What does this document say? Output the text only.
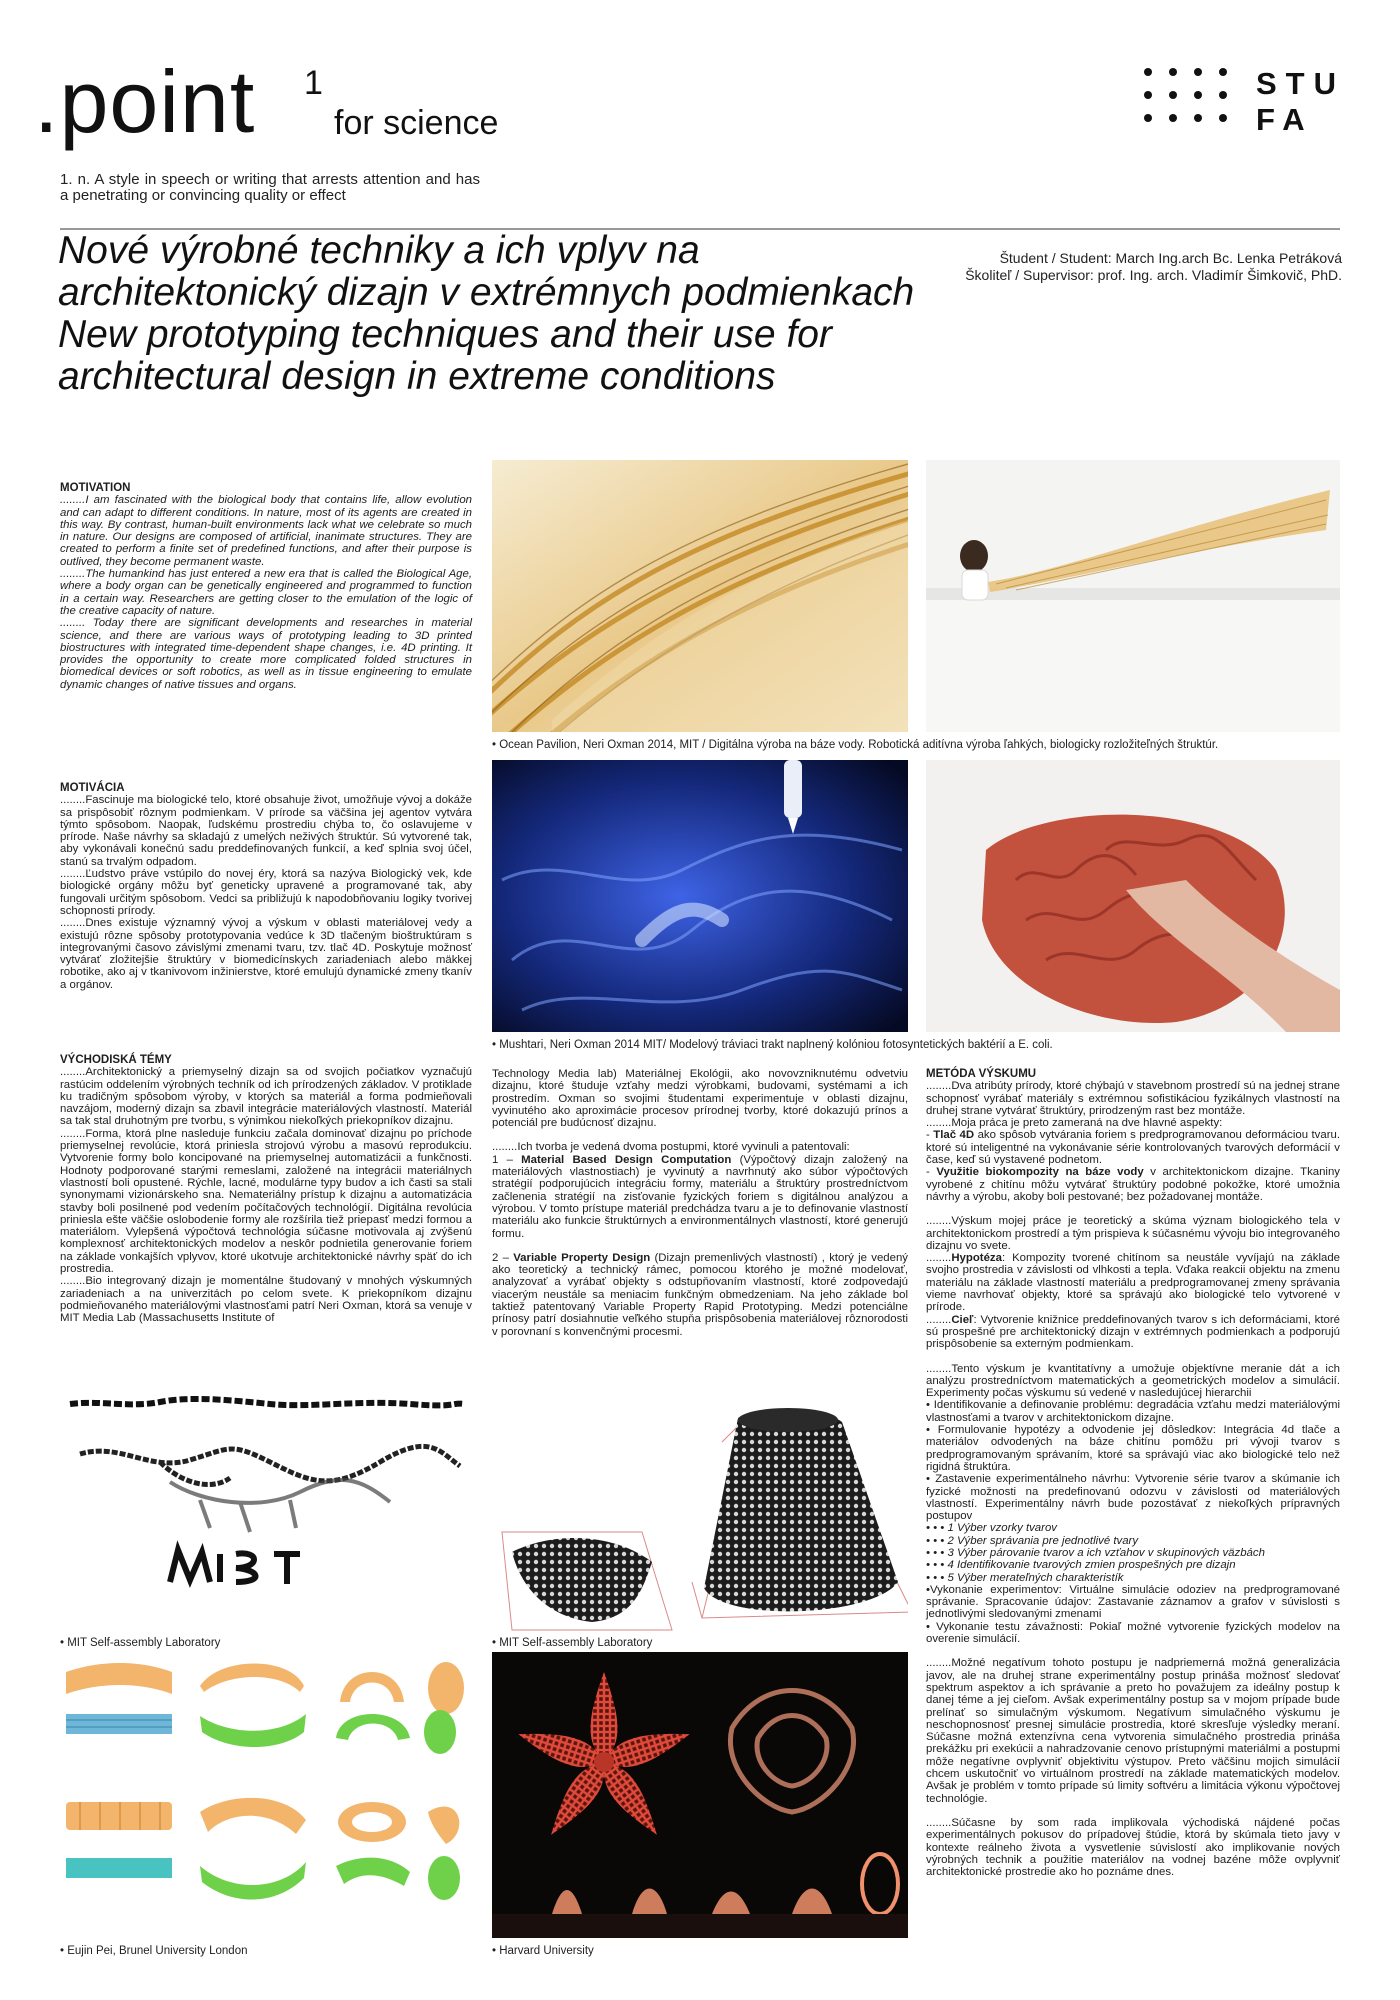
.point 1
for science
1. n. A style in speech or writing that arrests attention and has a penetrating or convincing quality or effect
STU
FA

Nové výrobné techniky a ich vplyv na architektonický dizajn v extrémnych podmienkach

New prototyping techniques and their use for architectural design in extreme conditions

Študent / Student: March Ing.arch Bc. Lenka Petráková
Školiteľ / Supervisor: prof. Ing. arch. Vladimír Šimkovič, PhD.

MOTIVATION

........I am fascinated with the biological body that contains life, allow evolution and can adapt to different conditions. In nature, most of its agents are created in this way. By contrast, human-built environments lack what we celebrate so much in nature. Our designs are composed of artificial, inanimate structures. They are created to perform a finite set of predefined functions, and after their purpose is outlived, they become permanent waste.

........The humankind has just entered a new era that is called the Biological Age, where a body organ can be genetically engineered and programmed to function in a certain way. Researchers are getting closer to the emulation of the logic of the creative capacity of nature.

........ Today there are significant developments and researches in material science, and there are various ways of prototyping leading to 3D printed biostructures with integrated time-dependent shape changes, i.e. 4D printing. It provides the opportunity to create more complicated folded structures in biomedical devices or soft robotics, as well as in tissue engineering to emulate dynamic changes of native tissues and organs.

MOTIVÁCIA

........Fascinuje ma biologické telo, ktoré obsahuje život, umožňuje vývoj a dokáže sa prispôsobiť rôznym podmienkam. V prírode sa väčšina jej agentov vytvára týmto spôsobom. Naopak, ľudskému prostrediu chýba to, čo oslavujeme v prírode. Naše návrhy sa skladajú z umelých neživých štruktúr. Sú vytvorené tak, aby vykonávali konečnú sadu preddefinovaných funkcií, a keď splnia svoj účel, stanú sa trvalým odpadom.

........Ľudstvo práve vstúpilo do novej éry, ktorá sa nazýva Biologický vek, kde biologické orgány môžu byť geneticky upravené a programované tak, aby fungovali určitým spôsobom. Vedci sa približujú k napodobňovaniu logiky tvorivej schopnosti prírody.

........Dnes existuje významný vývoj a výskum v oblasti materiálovej vedy a existujú rôzne spôsoby prototypovania vedúce k 3D tlačeným bioštruktúram s integrovanými časovo závislými zmenami tvaru, tzv. tlač 4D. Poskytuje možnosť vytvárať zložitejšie štruktúry v biomedicínskych zariadeniach alebo mäkkej robotike, ako aj v tkanivovom inžinierstve, ktoré emulujú dynamické zmeny tkanív a orgánov.

• Ocean Pavilion, Neri Oxman 2014, MIT / Digitálna výroba na báze vody. Robotická aditívna výroba ľahkých, biologicky rozložiteľných štruktúr.
• Mushtari, Neri Oxman 2014 MIT/ Modelový tráviaci trakt naplnený kolóniou fotosyntetických baktérií a E. coli.

VÝCHODISKÁ TÉMY

........Architektonický a priemyselný dizajn sa od svojich počiatkov vyznačujú rastúcim oddelením výrobných techník od ich prírodzených základov. V protiklade ku tradičným spôsobom výroby, v ktorých sa materiál a forma podmieňovali navzájom, moderný dizajn sa zbavil integrácie materiálových vlastností. Materiál sa tak stal druhotným pre tvorbu, s výnimkou niekoľkých priekopníkov dizajnu.

........Forma, ktorá plne nasleduje funkciu začala dominovať dizajnu po príchode priemyselnej revolúcie, ktorá priniesla strojovú výrobu a masovú reprodukciu. Vytvorenie formy bolo koncipované na priemyselnej automatizácii a funkčnosti. Hodnoty podporované starými remeslami, založené na integrácii materiálnych vlastností boli opustené. Rýchle, lacné, modulárne typy budov a ich časti sa stali synonymami vizionárskeho sna. Nemateriálny prístup k dizajnu a automatizácia stavby boli posilnené pod vedením počítačových technológií. Digitálna revolúcia priniesla ešte väčšie oslobodenie formy ale rozšírila tiež priepasť medzi formou a materiálom. Vylepšená výpočtová technológia súčasne motivovala aj zvýšenú komplexnosť architektonických modelov a neskôr podnietila generovanie foriem na základe vonkajších vplyvov, ktoré ukotvuje architektonické návrhy späť do ich prostredia.

........Bio integrovaný dizajn je momentálne študovaný v mnohých výskumných zariadeniach a na univerzitách po celom svete. K priekopníkom dizajnu podmieňovaného materiálovými vlastnosťami patrí Neri Oxman, ktorá sa venuje v MIT Media Lab (Massachusetts Institute of

Technology Media lab) Materiálnej Ekológii, ako novovzniknutému odvetviu dizajnu, ktoré študuje vzťahy medzi výrobkami, budovami, systémami a ich prostredím. Oxman so svojimi študentami experimentuje v oblasti dizajnu, vyvinutého ako aproximácie procesov prírodnej tvorby, ktoré dokazujú prínos a potenciál pre budúcnosť dizajnu.

........Ich tvorba je vedená dvoma postupmi, ktoré vyvinuli a patentovali:

1 – Material Based Design Computation (Výpočtový dizajn založený na materiálových vlastnostiach) je vyvinutý a navrhnutý ako súbor výpočtových stratégií podporujúcich integráciu formy, materiálu a štruktúry prostredníctvom začlenenia stratégií na zisťovanie fyzických foriem s digitálnou analýzou a výrobou. V tomto prístupe materiál predchádza tvaru a je to definovanie vlastností materiálu ako funkcie štruktúrnych a environmentálnych vlastností, ktoré generujú formu.

2 – Variable Property Design (Dizajn premenlivých vlastností) , ktorý je vedený ako teoretický a technický rámec, pomocou ktorého je možné modelovať, analyzovať a vyrábať objekty s odstupňovaním vlastností, ktoré zodpovedajú viacerým neustále sa meniacim funkčným obmedzeniam. Na jeho základe bol taktiež patentovaný Variable Property Rapid Prototyping. Medzi potenciálne prínosy patrí dosiahnutie veľkého stupňa prispôsobenia materiálovej rôznorodosti v porovnaní s konvenčnými procesmi.

METÓDA VÝSKUMU

........Dva atribúty prírody, ktoré chýbajú v stavebnom prostredí sú na jednej strane schopnosť vyrábať materiály s extrémnou sofistikáciou fyzikálnych vlastností na druhej strane vytvárať štruktúry, prirodzeným rast bez montáže.

........Moja práca je preto zameraná na dve hlavné aspekty:

- Tlač 4D ako spôsob vytvárania foriem s predprogramovanou deformáciou tvaru. ktoré sú inteligentné na vykonávanie série kontrolovaných tvarových deformácií v čase, keď sú vystavené podnetom.

- Využitie biokompozity na báze vody v architektonickom dizajne. Tkaniny vyrobené z chitínu môžu vytvárať štruktúry podobné pokožke, ktoré umožnia návrhy a výrobu, akoby boli pestované; bez požadovanej montáže.

........Výskum mojej práce je teoretický a skúma význam biologického tela v architektonickom prostredí a tým prispieva k súčasnému vývoju bio integrovaného dizajnu vo svete.

........Hypotéza: Kompozity tvorené chitínom sa neustále vyvíjajú na základe svojho prostredia v závislosti od vlhkosti a tepla. Vďaka reakcii objektu na zmenu materiálu na základe vlastností materiálu a predprogramovanej zmeny správania vieme navrhovať objekty, ktoré sa správajú ako biologické telo vytvorené v prírode.

........Cieľ: Vytvorenie knižnice preddefinovaných tvarov s ich deformáciami, ktoré sú prospešné pre architektonický dizajn v extrémnych podmienkach a podporujú prispôsobenie sa externým podmienkam.

........Tento výskum je kvantitatívny a umožuje objektívne meranie dát a ich analýzu prostredníctvom matematických a geometrických modelov a simulácií. Experimenty počas výskumu sú vedené v nasledujúcej hierarchii

• Identifikovanie a definovanie problému: degradácia vzťahu medzi materiálovými vlastnosťami a tvarov v architektonickom dizajne.

• Formulovanie hypotézy a odvodenie jej dôsledkov: Integrácia 4d tlače a materiálov odvodených na báze chitínu pomôžu pri vývoji tvarov s predprogramovaným správaním, ktoré sa správajú viac ako biologické telo než rigidná štruktúra.

• Zastavenie experimentálneho návrhu: Vytvorenie série tvarov a skúmanie ich fyzické možnosti na predefinovanú odozvu v závislosti od materiálových vlastností. Experimentálny návrh bude pozostávať z niekoľkých prípravných postupov

• • • 1 Výber vzorky tvarov

• • • 2 Výber správania pre jednotlivé tvary

• • • 3 Výber párovanie tvarov a ich vzťahov v skupinových väzbách

• • • 4 Identifikovanie tvarových zmien prospešných pre dizajn

• • • 5 Výber merateľných charakteristík

•Vykonanie experimentov: Virtuálne simulácie odoziev na predprogramované správanie. Spracovanie údajov: Zastavanie záznamov a grafov v súvislosti s jednotlivými sledovanými zmenami

• Vykonanie testu závažnosti: Pokiaľ možné vytvorenie fyzických modelov na overenie simulácií.

........Možné negatívum tohoto postupu je nadpriemerná možná generalizácia javov, ale na druhej strane experimentálny postup prináša možnosť sledovať spektrum aspektov a ich správanie a preto ho považujem za ideálny postup k danej téme a jej cieľom. Avšak experimentálny postup sa v mojom prípade bude prelínať so simulačným výskumom. Negatívum simulačného výskumu je neschopnosnosť presnej simulácie prostredia, ktoré skresľuje výsledky meraní. Súčasne možná extenzívna cena vytvorenia simulačného prostredia prináša prekážku pri exekúcii a nahradzovanie cenovo prístupnými materiálmi a postupmi môže negatívne ovplyvniť objektivitu výstupov. Preto väčšinu mojich simulácií chcem uskutočniť vo virtuálnom prostredí na základe matematických modelov. Avšak je problém v tomto prípade sú limity softvéru a limitácia výkonu výpočtovej technológie.

........Súčasne by som rada implikovala východiská nájdené počas experimentálnych pokusov do prípadovej štúdie, ktorá by skúmala tieto javy v kontexte reálneho života a vysvetlenie súvislostí ako implikovanie nových výrobných technik a použitie materiálov na vodnej bazéne môže ovplyvniť architektonické prostredie ako ho poznáme dnes.

• MIT Self-assembly Laboratory	• MIT Self-assembly Laboratory
• Eujin Pei, Brunel University London	• Harvard University
